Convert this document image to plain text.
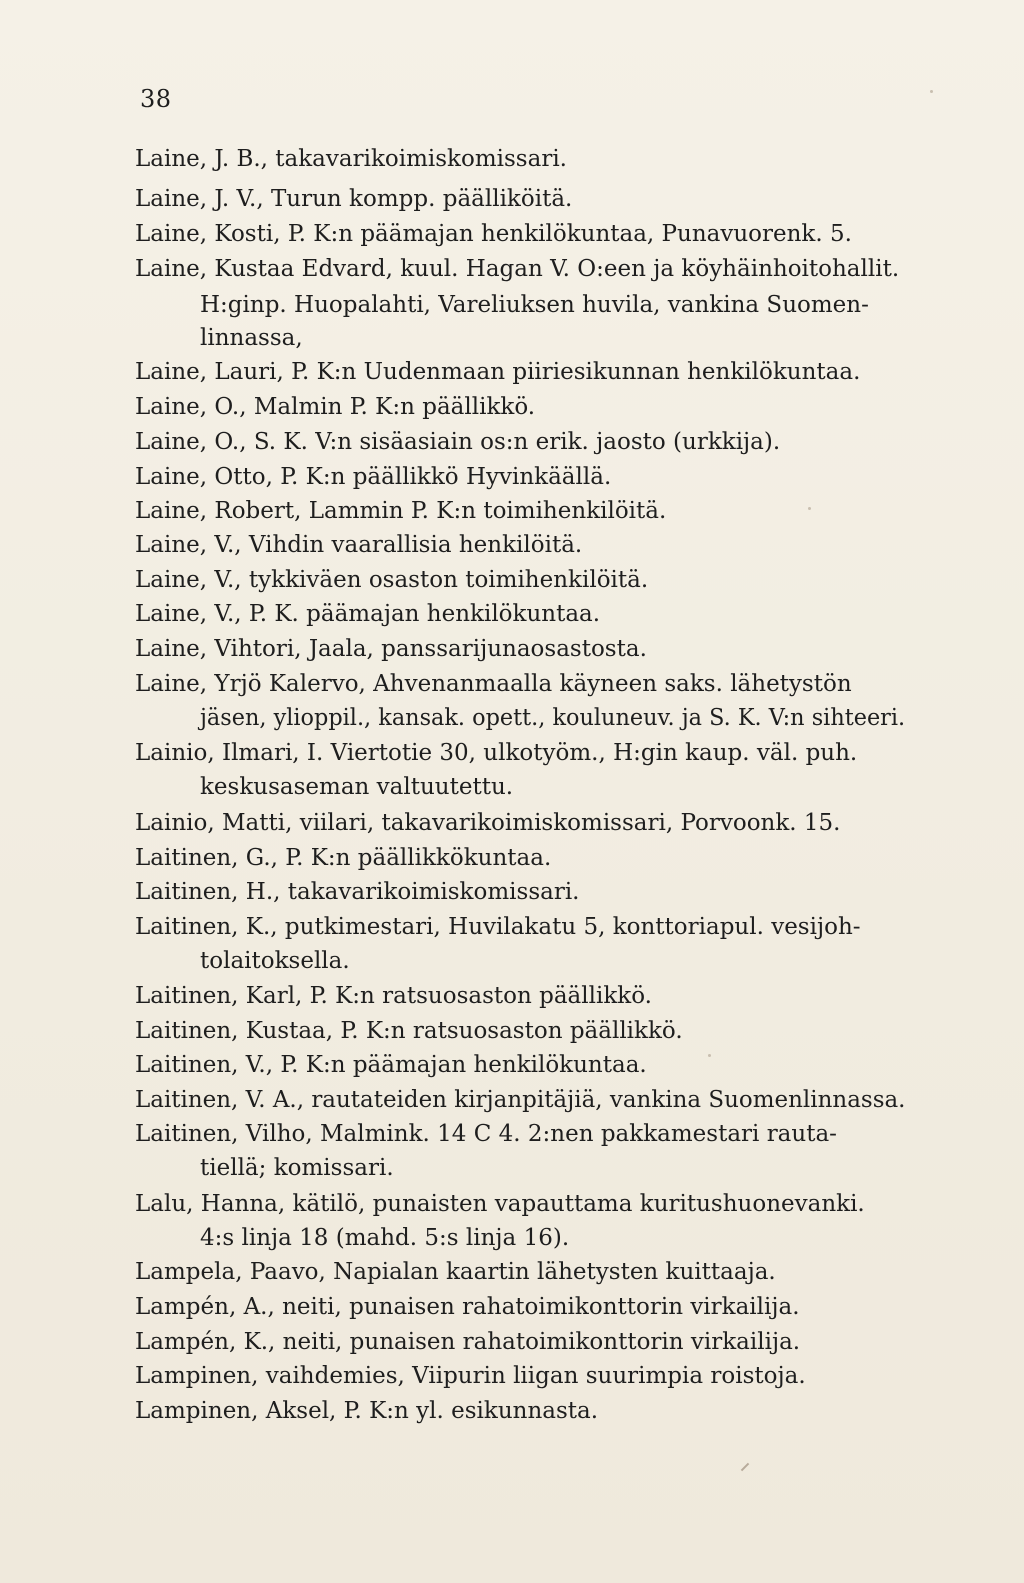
38
Laine, J. B., takavarikoimiskomissari.
Laine, J. V., Turun kompp. päälliköitä.
Laine, Kosti, P. K:n päämajan henkilökuntaa, Punavuorenk. 5.
Laine, Kustaa Edvard, kuul. Hagan V. O:een ja köyhäinhoitohallit.
H:ginp. Huopalahti, Vareliuksen huvila, vankina Suomen-
linnassa,
Laine, Lauri, P. K:n Uudenmaan piiriesikunnan henkilökuntaa.
Laine, O., Malmin P. K:n päällikkö.
Laine, O., S. K. V:n sisäasiain os:n erik. jaosto (urkkija).
Laine, Otto, P. K:n päällikkö Hyvinkäällä.
Laine, Robert, Lammin P. K:n toimihenkilöitä.
Laine, V., Vihdin vaarallisia henkilöitä.
Laine, V., tykkiväen osaston toimihenkilöitä.
Laine, V., P. K. päämajan henkilökuntaa.
Laine, Vihtori, Jaala, panssarijunaosastosta.
Laine, Yrjö Kalervo, Ahvenanmaalla käyneen saks. lähetystön
jäsen, ylioppil., kansak. opett., kouluneuv. ja S. K. V:n sihteeri.
Lainio, Ilmari, I. Viertotie 30, ulkotyöm., H:gin kaup. väl. puh.
keskusaseman valtuutettu.
Lainio, Matti, viilari, takavarikoimiskomissari, Porvoonk. 15.
Laitinen, G., P. K:n päällikkökuntaa.
Laitinen, H., takavarikoimiskomissari.
Laitinen, K., putkimestari, Huvilakatu 5, konttoriapul. vesijoh-
tolaitoksella.
Laitinen, Karl, P. K:n ratsuosaston päällikkö.
Laitinen, Kustaa, P. K:n ratsuosaston päällikkö.
Laitinen, V., P. K:n päämajan henkilökuntaa.
Laitinen, V. A., rautateiden kirjanpitäjiä, vankina Suomenlinnassa.
Laitinen, Vilho, Malmink. 14 C 4. 2:nen pakkamestari rauta-
tiellä; komissari.
Lalu, Hanna, kätilö, punaisten vapauttama kuritushuonevanki.
4:s linja 18 (mahd. 5:s linja 16).
Lampela, Paavo, Napialan kaartin lähetysten kuittaaja.
Lampén, A., neiti, punaisen rahatoimikonttorin virkailija.
Lampén, K., neiti, punaisen rahatoimikonttorin virkailija.
Lampinen, vaihdemies, Viipurin liigan suurimpia roistoja.
Lampinen, Aksel, P. K:n yl. esikunnasta.
